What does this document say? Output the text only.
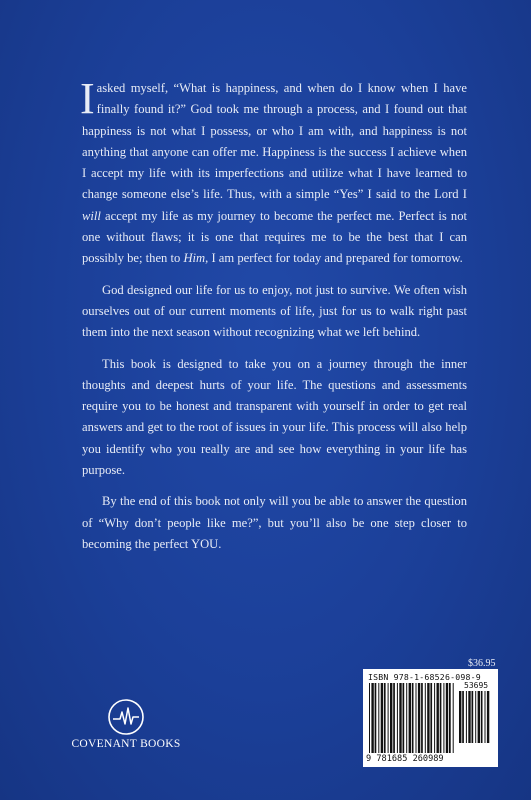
I asked myself, “What is happiness, and when do I know when I have finally found it?” God took me through a process, and I found out that happiness is not what I possess, or who I am with, and happiness is not anything that anyone can offer me. Happiness is the success I achieve when I accept my life with its imperfections and utilize what I have learned to change someone else’s life. Thus, with a simple “Yes” I said to the Lord I will accept my life as my journey to become the perfect me. Perfect is not one without flaws; it is one that requires me to be the best that I can possibly be; then to Him, I am perfect for today and prepared for tomorrow.

God designed our life for us to enjoy, not just to survive. We often wish ourselves out of our current moments of life, just for us to walk right past them into the next season without recognizing what we left behind.

This book is designed to take you on a journey through the inner thoughts and deepest hurts of your life. The questions and assessments require you to be honest and transparent with yourself in order to get real answers and get to the root of issues in your life. This process will also help you identify who you really are and see how everything in your life has purpose.

By the end of this book not only will you be able to answer the question of “Why don’t people like me?”, but you’ll also be one step closer to becoming the perfect YOU.

$36.95
ISBN 978-1-68526-098-9
53695
9 781685 260989
COVENANT BOOKS
